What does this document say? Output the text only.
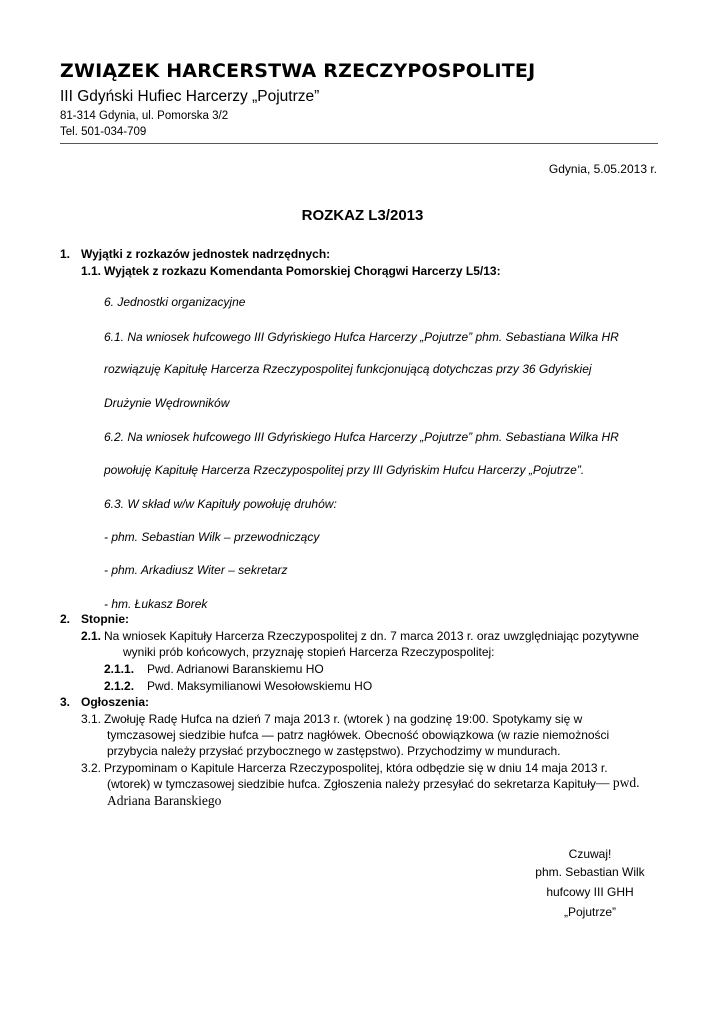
ZWIĄZEK HARCERSTWA RZECZYPOSPOLITEJ
III Gdyński Hufiec Harcerzy „Pojutrze”
81-314 Gdynia, ul. Pomorska 3/2
Tel. 501-034-709
Gdynia, 5.05.2013 r.
ROZKAZ L3/2013
1. Wyjątki z rozkazów jednostek nadrzędnych:
1.1. Wyjątek z rozkazu Komendanta Pomorskiej Chorągwi Harcerzy L5/13:
6. Jednostki organizacyjne
6.1. Na wniosek hufcowego III Gdyńskiego Hufca Harcerzy „Pojutrze” phm. Sebastiana Wilka HR
rozwiązuję Kapitułę Harcerza Rzeczypospolitej funkcjonującą dotychczas przy 36 Gdyńskiej
Drużynie Wędrowników
6.2. Na wniosek hufcowego III Gdyńskiego Hufca Harcerzy „Pojutrze” phm. Sebastiana Wilka HR
powołuję Kapitułę Harcerza Rzeczypospolitej przy III Gdyńskim Hufcu Harcerzy „Pojutrze”.
6.3. W skład w/w Kapituły powołuję druhów:
- phm. Sebastian Wilk – przewodniczący
- phm. Arkadiusz Witer – sekretarz
- hm. Łukasz Borek
2. Stopnie:
2.1. Na wniosek Kapituły Harcerza Rzeczypospolitej z dn. 7 marca 2013 r. oraz uwzględniając pozytywne
wyniki prób końcowych, przyznaję stopień Harcerza Rzeczypospolitej:
2.1.1. Pwd. Adrianowi Baranskiemu HO
2.1.2. Pwd. Maksymilianowi Wesołowskiemu HO
3. Ogłoszenia:
3.1. Zwołuję Radę Hufca na dzień 7 maja 2013 r. (wtorek ) na godzinę 19:00. Spotykamy się w
tymczasowej siedzibie hufca — patrz nagłówek. Obecność obowiązkowa (w razie niemożności
przybycia należy przysłać przybocznego w zastępstwo). Przychodzimy w mundurach.
3.2. Przypominam o Kapitule Harcerza Rzeczypospolitej, która odbędzie się w dniu 14 maja 2013 r.
(wtorek) w tymczasowej siedzibie hufca. Zgłoszenia należy przesyłać do sekretarza Kapituły — pwd.
Adriana Baranskiego
Czuwaj!
phm. Sebastian Wilk
hufcowy III GHH
„Pojutrze”
